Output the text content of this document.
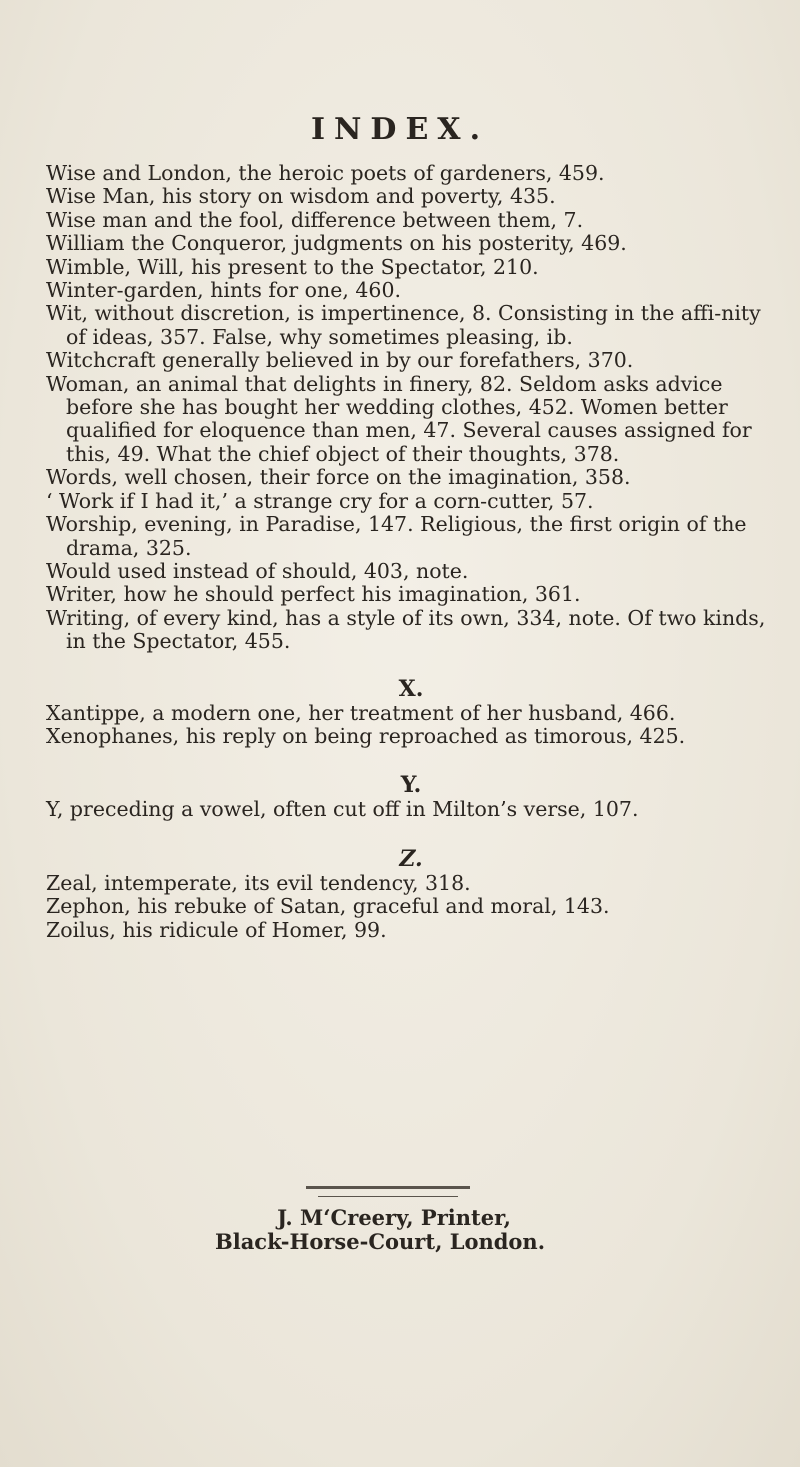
INDEX.

Wise and London, the heroic poets of gardeners, 459.

Wise Man, his story on wisdom and poverty, 435.

Wise man and the fool, difference between them, 7.

William the Conqueror, judgments on his posterity, 469.

Wimble, Will, his present to the Spectator, 210.

Winter-garden, hints for one, 460.

Wit, without discretion, is impertinence, 8. Consisting in the affi-nity of ideas, 357. False, why sometimes pleasing, ib.

Witchcraft generally believed in by our forefathers, 370.

Woman, an animal that delights in finery, 82. Seldom asks advice before she has bought her wedding clothes, 452. Women better qualified for eloquence than men, 47. Several causes assigned for this, 49. What the chief object of their thoughts, 378.

Words, well chosen, their force on the imagination, 358.

‘ Work if I had it,’ a strange cry for a corn-cutter, 57.

Worship, evening, in Paradise, 147. Religious, the first origin of the drama, 325.

Would used instead of should, 403, note.

Writer, how he should perfect his imagination, 361.

Writing, of every kind, has a style of its own, 334, note. Of two kinds, in the Spectator, 455.

X.

Xantippe, a modern one, her treatment of her husband, 466.

Xenophanes, his reply on being reproached as timorous, 425.

Y.

Y, preceding a vowel, often cut off in Milton’s verse, 107.

Z.

Zeal, intemperate, its evil tendency, 318.

Zephon, his rebuke of Satan, graceful and moral, 143.

Zoilus, his ridicule of Homer, 99.

J. M‘Creery, Printer,
Black-Horse-Court, London.
